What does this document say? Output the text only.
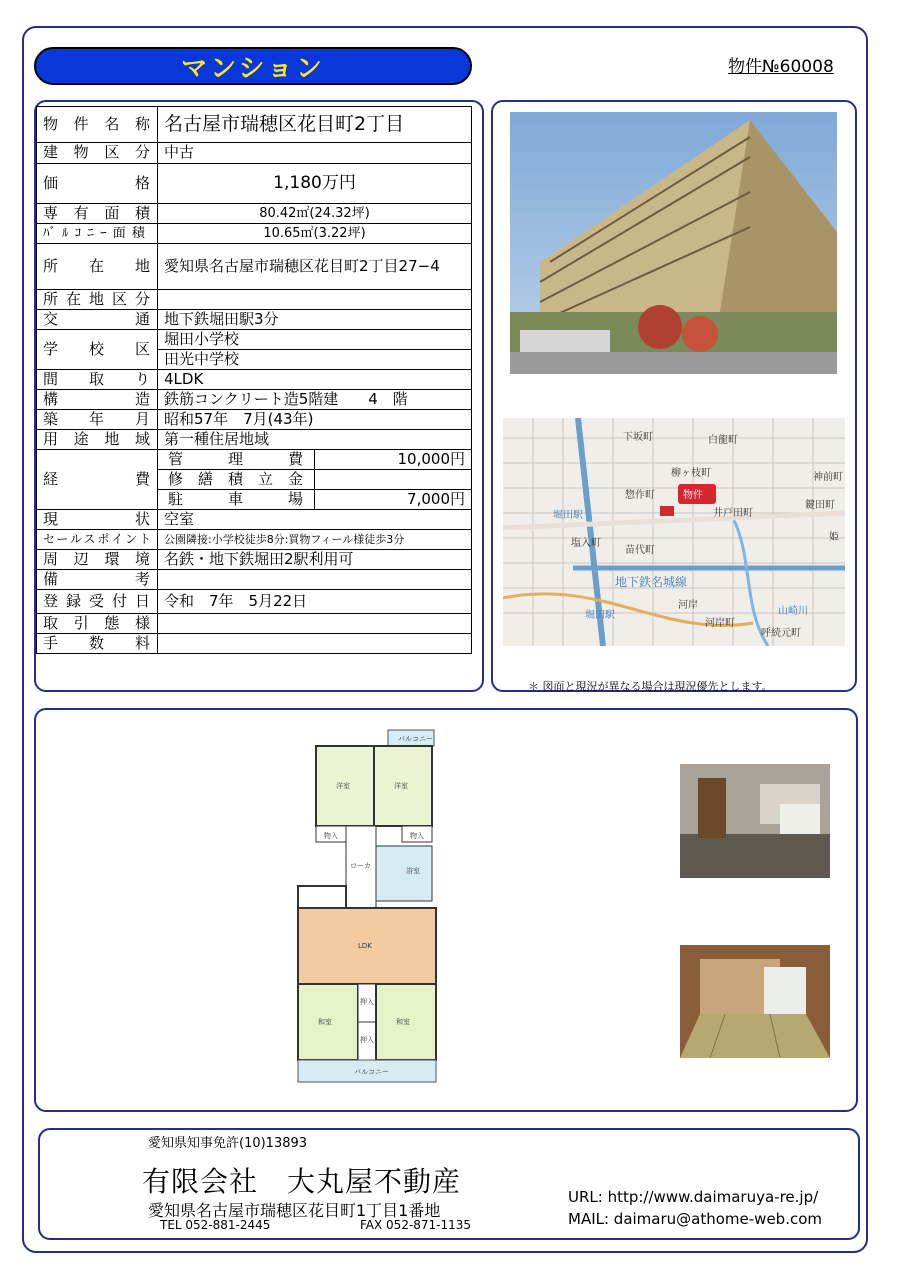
マンション	物件№60008
物件名称	名古屋市瑞穂区花目町2丁目	
建物区分	中古	
価格	1,180万円	
専有面積	80.42㎡(24.32坪)	
ﾊﾞﾙｺﾆｰ面積	10.65㎡(3.22坪)	
所在地	愛知県名古屋市瑞穂区花目町2丁目27−4	
所在地区分		
交通	地下鉄堀田駅3分	
学校区	堀田小学校	
	田光中学校	
間取り	4LDK	
構造	鉄筋コンクリート造5階建　　4　階	
築年月	昭和57年　7月(43年)	
用途地域	第一種住居地域	
経費	管理費	10,000円
	修繕積立金	
	駐車場	7,000円
現状	空室	
セールスポイント	公園隣接:小学校徒歩8分:買物フィール様徒歩3分	
周辺環境	名鉄・地下鉄堀田2駅利用可	
備考		
登録受付日	令和　7年　5月22日	
取引態様		
手数料		
下坂町	白龍町
柳ヶ枝町	神前町
惣作町	物件
井戸田町
鍵田町
堀田駅
塩入町
苗代町
地下鉄名城線
河岸
河岸町
山崎川
呼続元町
堀田駅
姫
＊ 図面と現況が異なる場合は現況優先とします。
バルコニー
洋室	洋室
物入	物入
ローカ
浴室
LDK
和室	和室
押入
押入
バルコニー
愛知県知事免許(10)13893
有限会社　大丸屋不動産
愛知県名古屋市瑞穂区花目町1丁目1番地
TEL 052-881-2445	FAX 052-871-1135
URL: http://www.daimaruya-re.jp/
MAIL: daimaru@athome-web.com
